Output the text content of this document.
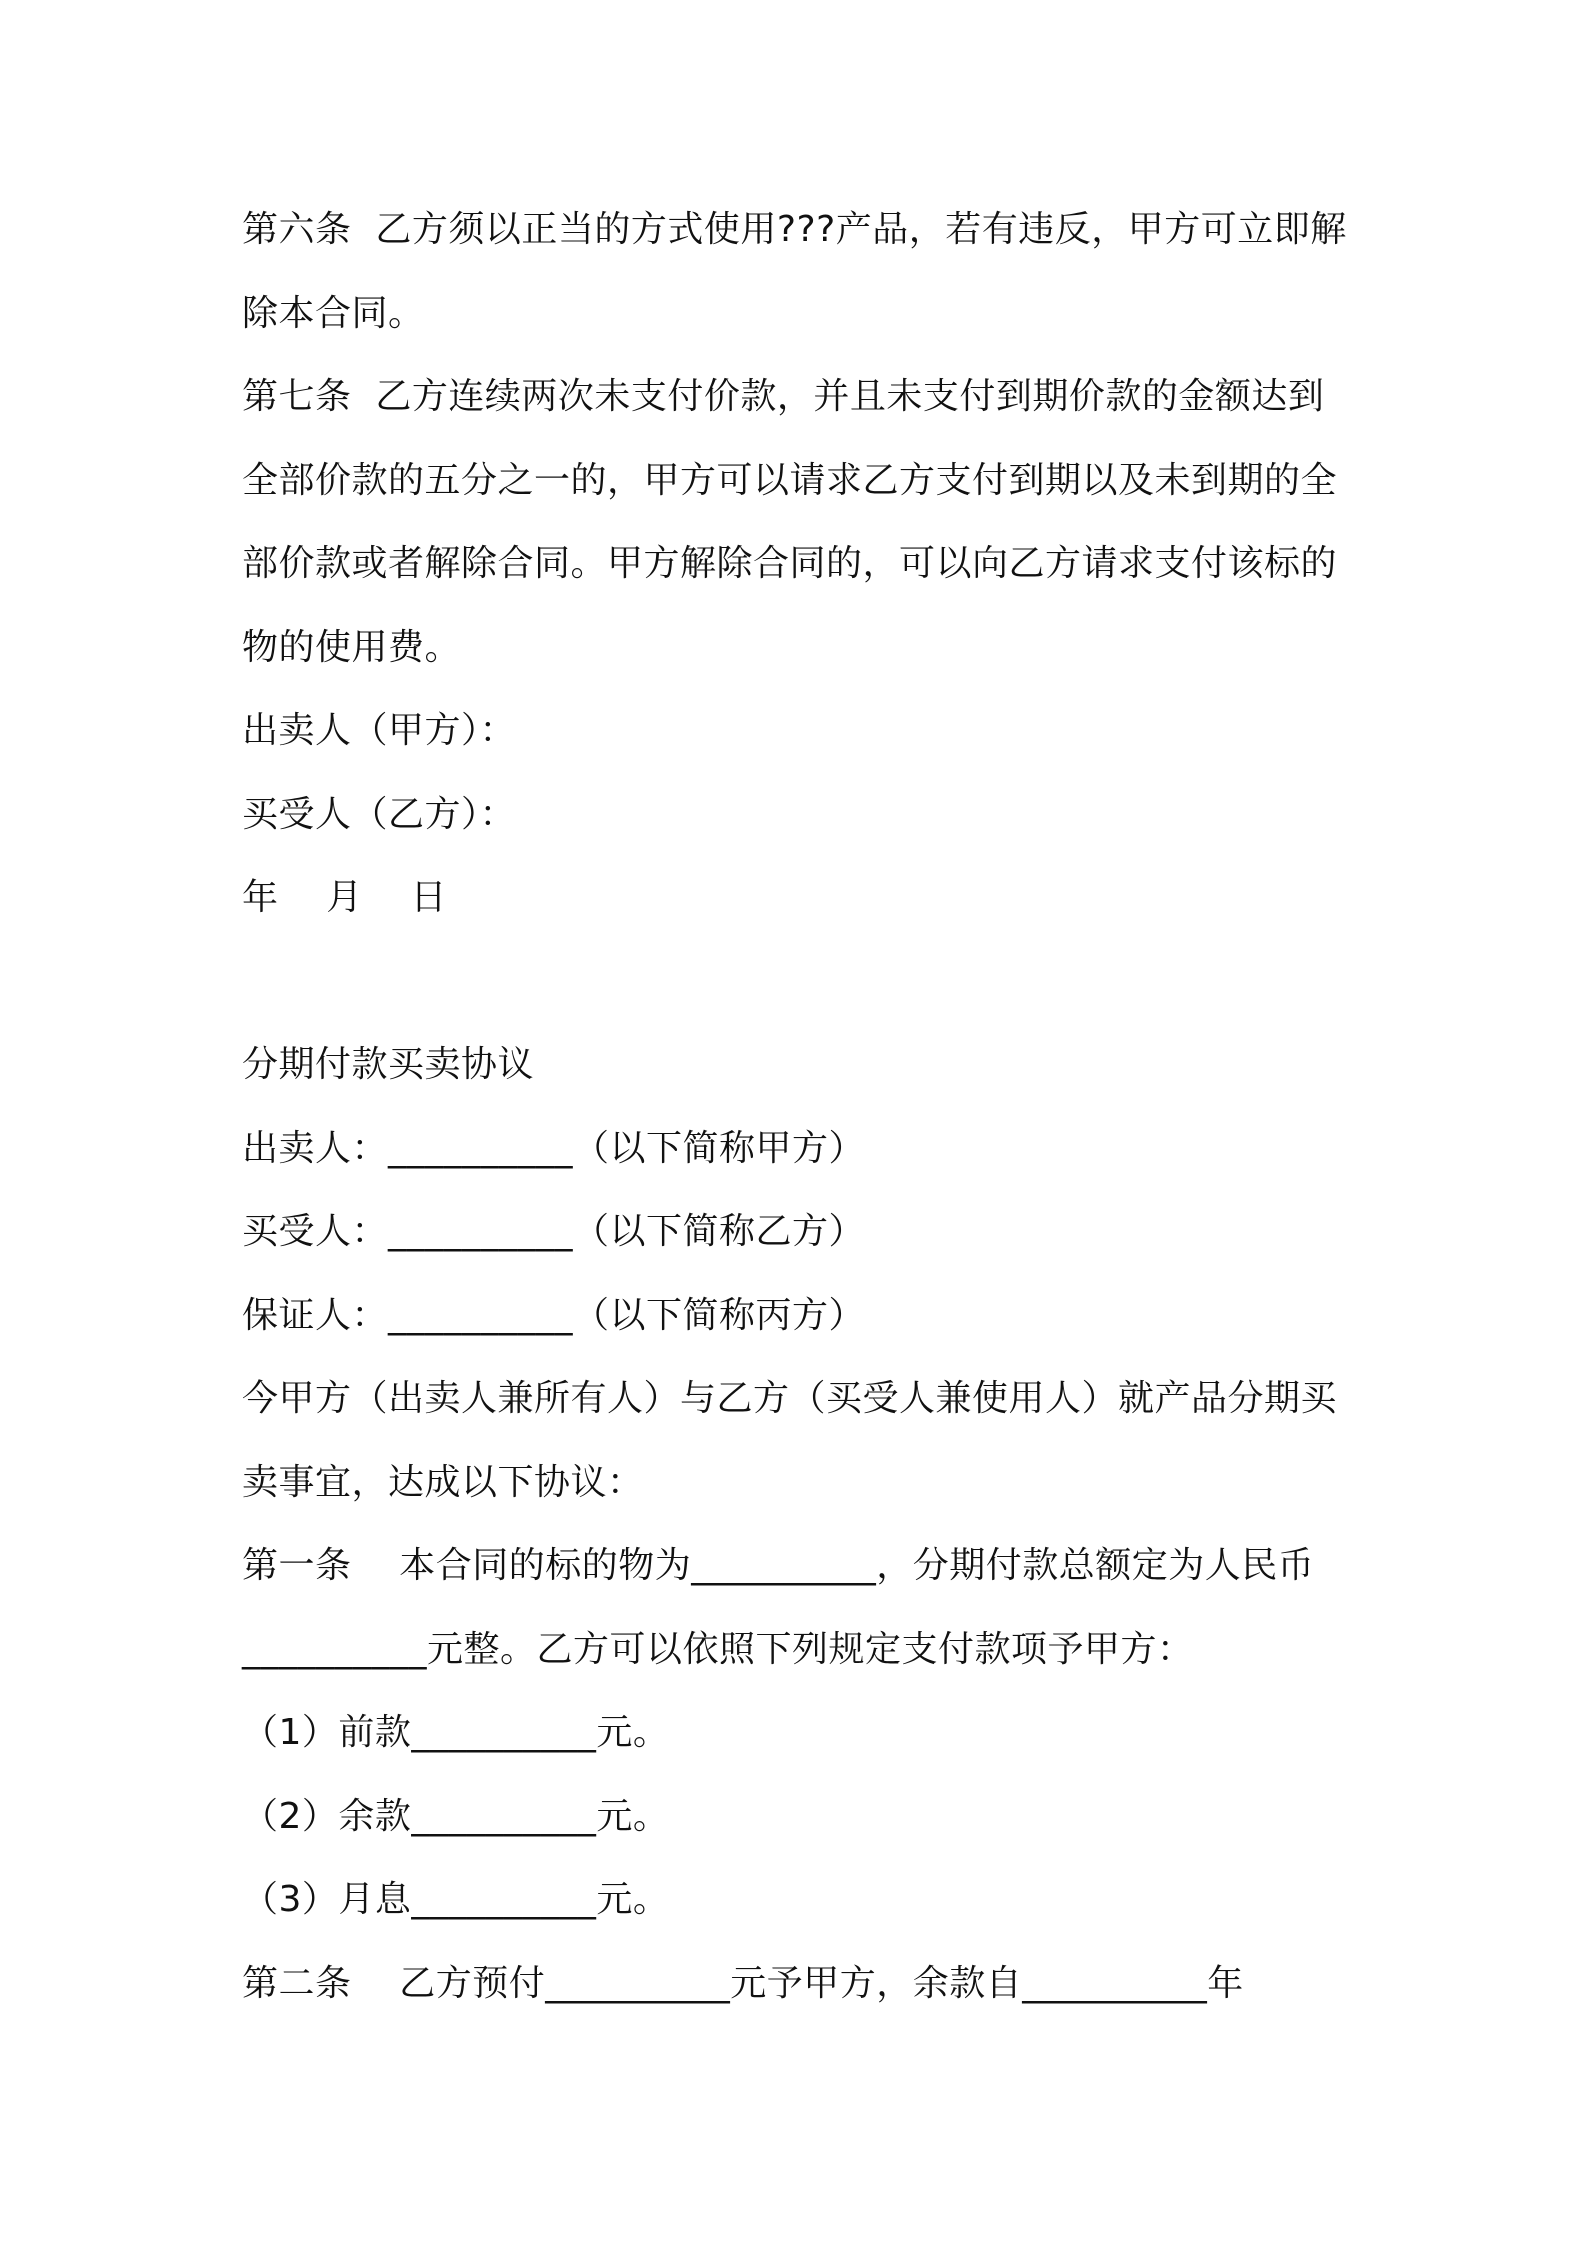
第六条  乙方须以正当的方式使用???产品，若有违反，甲方可立即解
除本合同。
第七条  乙方连续两次未支付价款，并且未支付到期价款的金额达到
全部价款的五分之一的，甲方可以请求乙方支付到期以及未到期的全
部价款或者解除合同。甲方解除合同的，可以向乙方请求支付该标的
物的使用费。
出卖人（甲方）：
买受人（乙方）：
年    月    日
分期付款买卖协议
出卖人：__________（以下简称甲方）
买受人：__________（以下简称乙方）
保证人：__________（以下简称丙方）
今甲方（出卖人兼所有人）与乙方（买受人兼使用人）就产品分期买
卖事宜，达成以下协议：
第一条    本合同的标的物为__________，分期付款总额定为人民币
__________元整。乙方可以依照下列规定支付款项予甲方：
（1）前款__________元。
（2）余款__________元。
（3）月息__________元。
第二条    乙方预付__________元予甲方，余款自__________年
